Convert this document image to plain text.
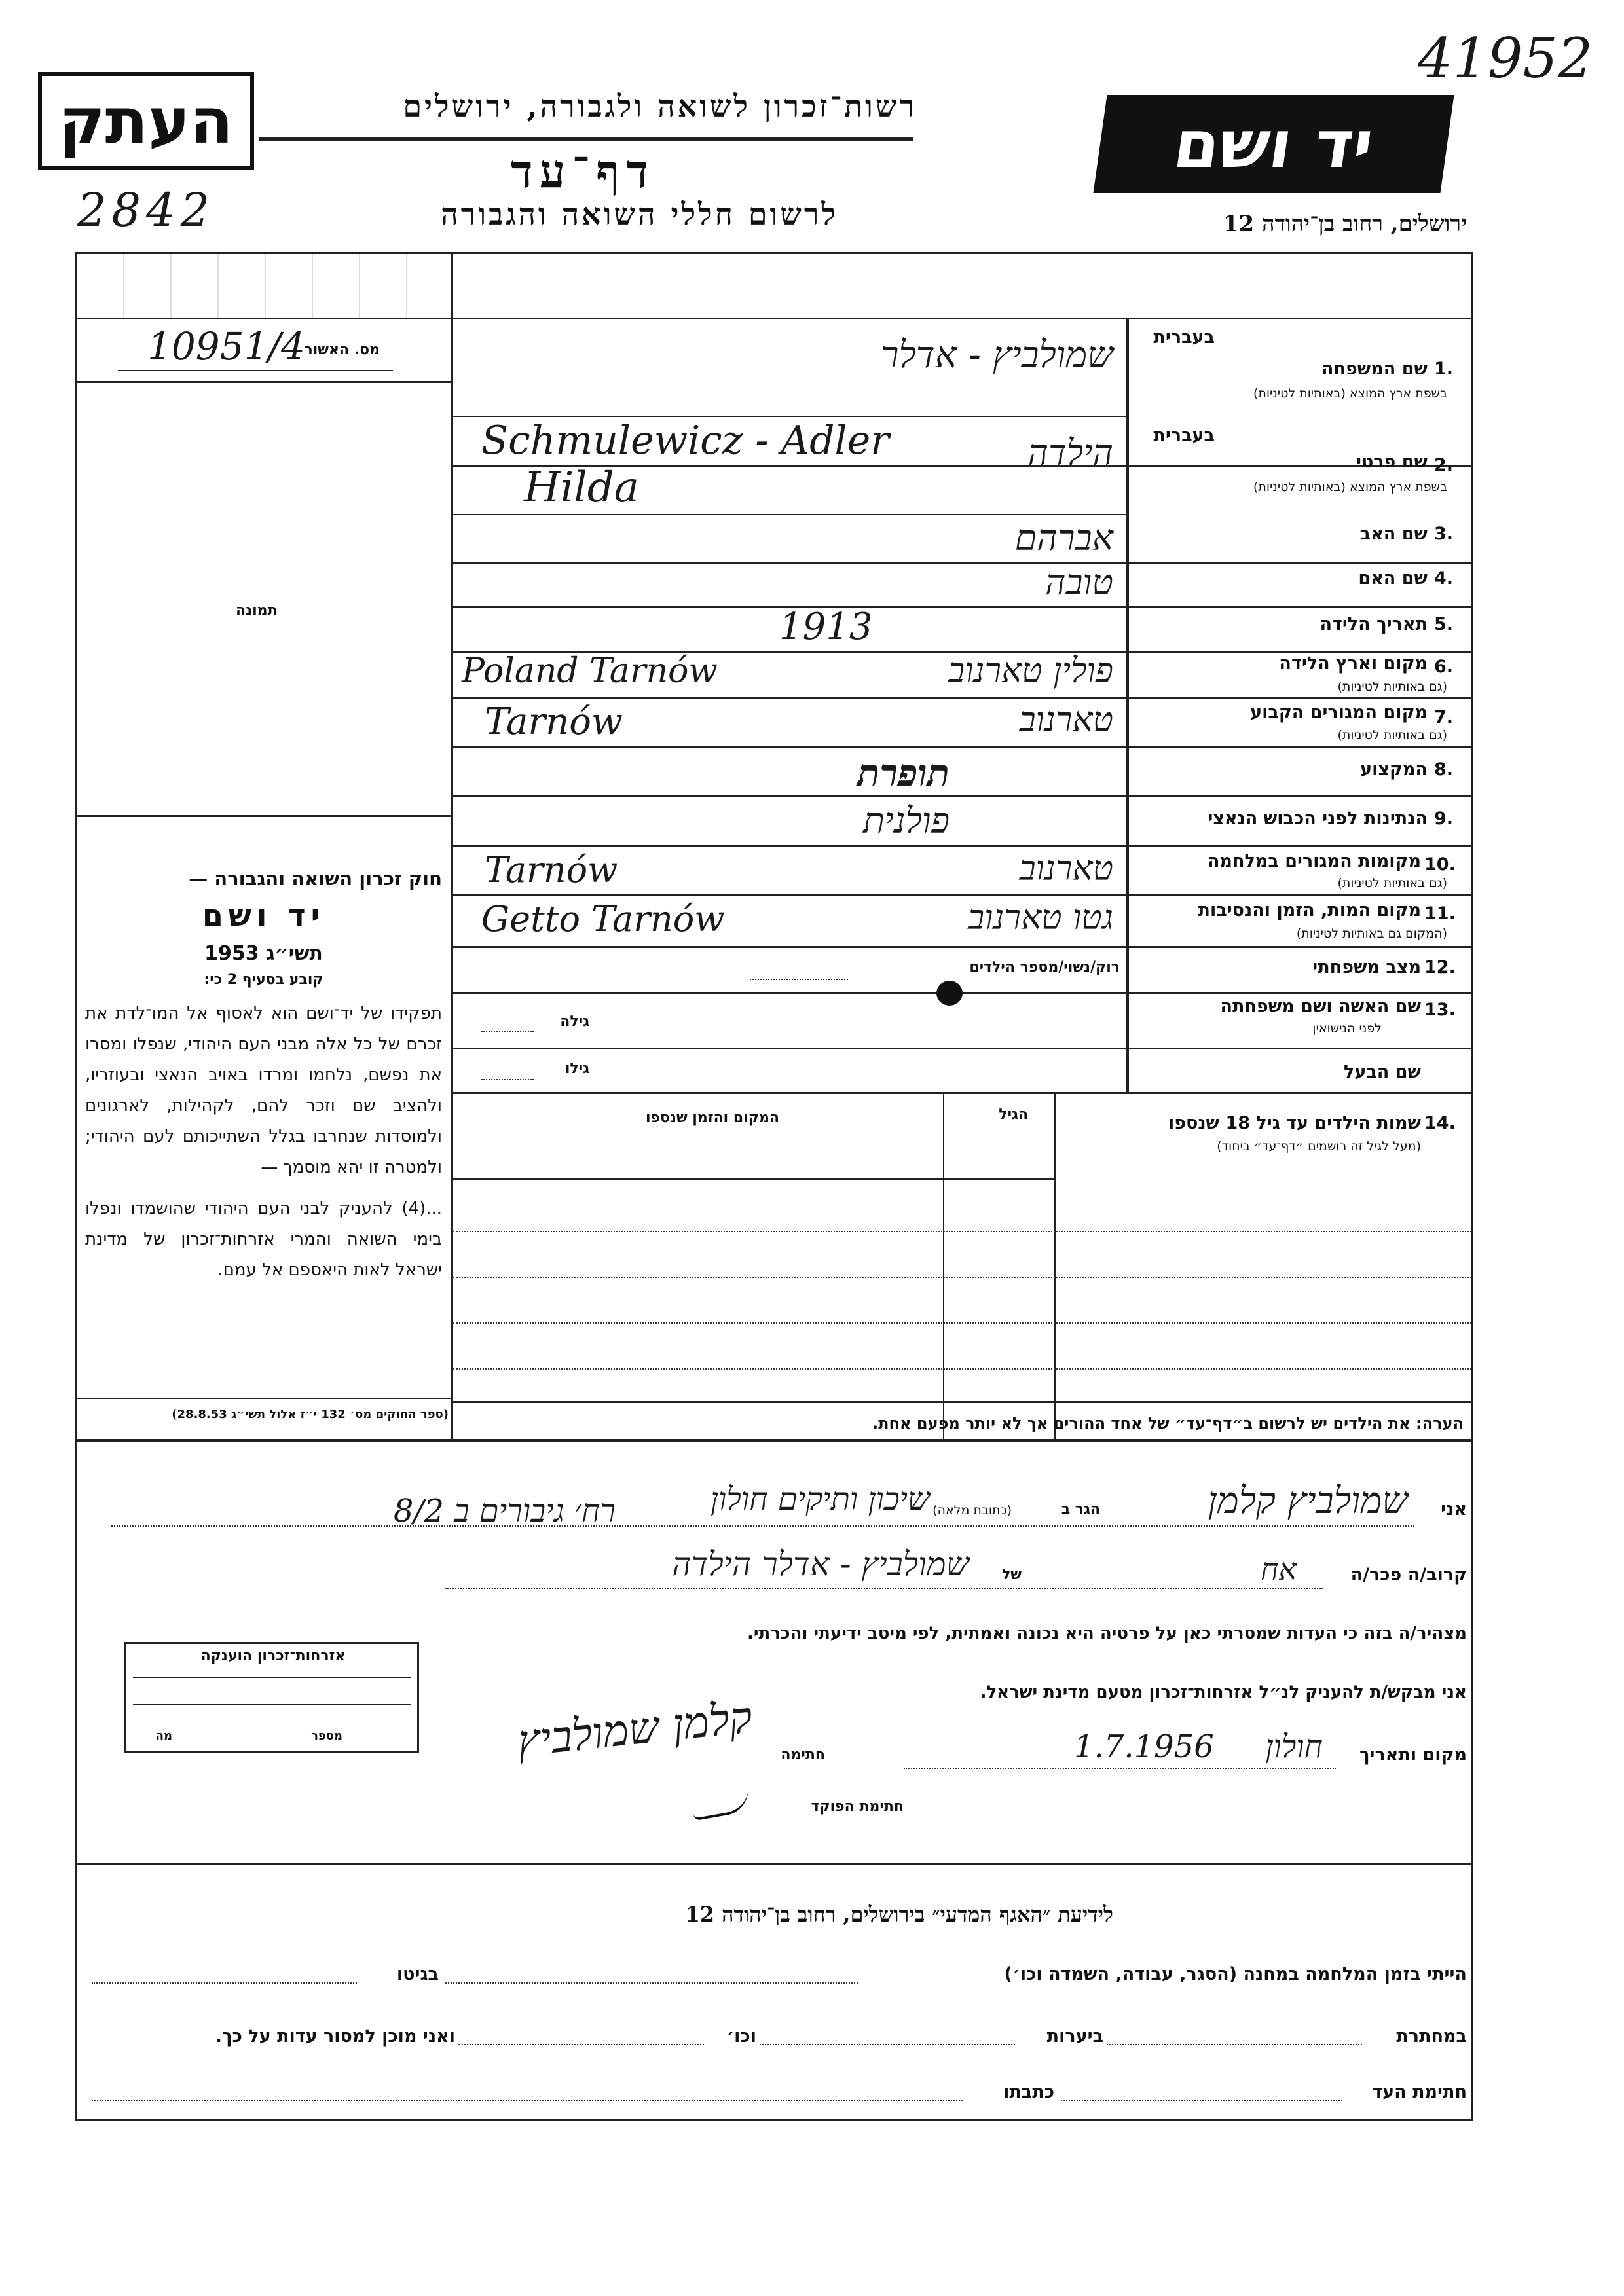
41952
העתק
2842
רשות־זכרון לשואה ולגבורה, ירושלים
דף־עד
לרשום חללי השואה והגבורה
יד ושם
ירושלים, רחוב בן־יהודה 12
מס. האשור
10951/4
תמונה
חוק זכרון השואה והגבורה —
יד ושם
תשי״ג 1953
קובע בסעיף 2 כי:
תפקידו של יד־ושם הוא לאסוף אל המו־לדת את זכרם של כל אלה מבני העם היהודי, שנפלו ומסרו את נפשם, נלחמו ומרדו באויב הנאצי ובעוזריו, ולהציב שם וזכר להם, לקהילות, לארגונים ולמוסדות שנחרבו בגלל השתייכותם לעם היהודי; ולמטרה זו יהא מוסמך —
...(4) להעניק לבני העם היהודי שהושמדו ונפלו בימי השואה והמרי אזרחות־זכרון של מדינת ישראל לאות היאספם אל עמם.
(ספר החוקים מס׳ 132 י״ז אלול תשי״ג 28.8.53)
בעברית
1.
שם המשפחה
בשפת ארץ המוצא (באותיות לטיניות)
שמולביץ - אדלר
Schmulewicz - Adler	בעברית
2.
שם פרטי
בשפת ארץ המוצא (באותיות לטיניות)
הילדה
Hilda
3.
שם האב
אברהם
4.
שם האם
טובה
5.
תאריך הלידה
1913
6.
מקום וארץ הלידה
(גם באותיות לטיניות)
פולין טארנוב
Poland Tarnów
7.
מקום המגורים הקבוע
(גם באותיות לטיניות)
טארנוב
Tarnów
8.
המקצוע
תופרת
9.
הנתינות לפני הכבוש הנאצי
פולנית
10.
מקומות המגורים במלחמה
(גם באותיות לטיניות)
טארנוב
Tarnów
11.
מקום המות, הזמן והנסיבות
(המקום גם באותיות לטיניות)
גטו טארנוב
Getto Tarnów
12.
מצב משפחתי
רוק/נשוי/מספר הילדים
13.
שם האשה ושם משפחתה
לפני הנישואין
גילה
שם הבעל
גילו
14.
שמות הילדים עד גיל 18 שנספו
(מעל לגיל זה רושמים ״דף־עד״ ביחוד)
הגיל
המקום והזמן שנספו
הערה: את הילדים יש לרשום ב״דף־עד״ של אחד ההורים אך לא יותר מפעם אחת.
אני
שמולביץ קלמן
הגר ב
(כתובת מלאה)
שיכון ותיקים חולון
רח׳ גיבורים ב 8/2
קרוב/ה פכר/ה
אח
של
שמולביץ - אדלר הילדה
מצהיר/ה בזה כי העדות שמסרתי כאן על פרטיה היא נכונה ואמתית, לפי מיטב ידיעתי והכרתי.
אזרחות־זכרון הוענקה
מספר
מה
אני מבקש/ת להעניק לנ״ל אזרחות־זכרון מטעם מדינת ישראל.
מקום ותאריך
חולון
1.7.1956
חתימה
קלמן שמולביץ
חתימת הפוקד
לידיעת ״האגף המדעי״ בירושלים, רחוב בן־יהודה 12
הייתי בזמן המלחמה במחנה (הסגר, עבודה, השמדה וכו׳)
בגיטו
במחתרת
ביערות
וכו׳
ואני מוכן למסור עדות על כך.
חתימת העד
כתבתו
